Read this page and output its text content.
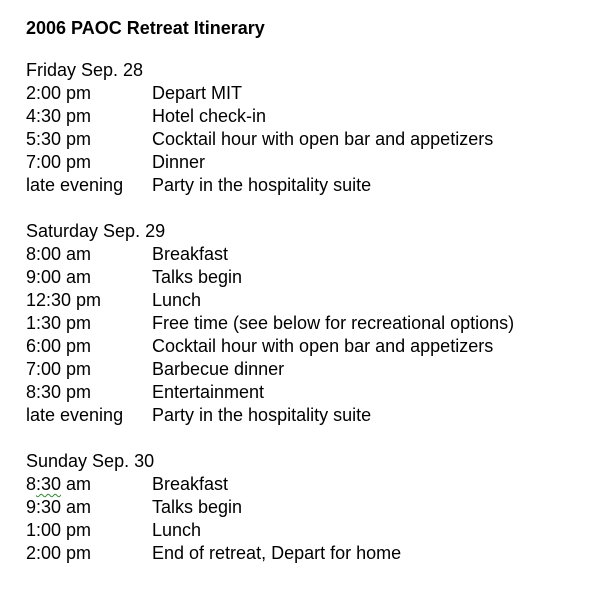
2006 PAOC Retreat Itinerary
Friday Sep. 28
2:00 pm	Depart MIT
4:30 pm	Hotel check-in
5:30 pm	Cocktail hour with open bar and appetizers
7:00 pm	Dinner
late evening	Party in the hospitality suite
Saturday Sep. 29
8:00 am	Breakfast
9:00 am	Talks begin
12:30 pm	Lunch
1:30 pm	Free time (see below for recreational options)
6:00 pm	Cocktail hour with open bar and appetizers
7:00 pm	Barbecue dinner
8:30 pm	Entertainment
late evening	Party in the hospitality suite
Sunday Sep. 30
8:30 am	Breakfast
9:30 am	Talks begin
1:00 pm	Lunch
2:00 pm	End of retreat, Depart for home
